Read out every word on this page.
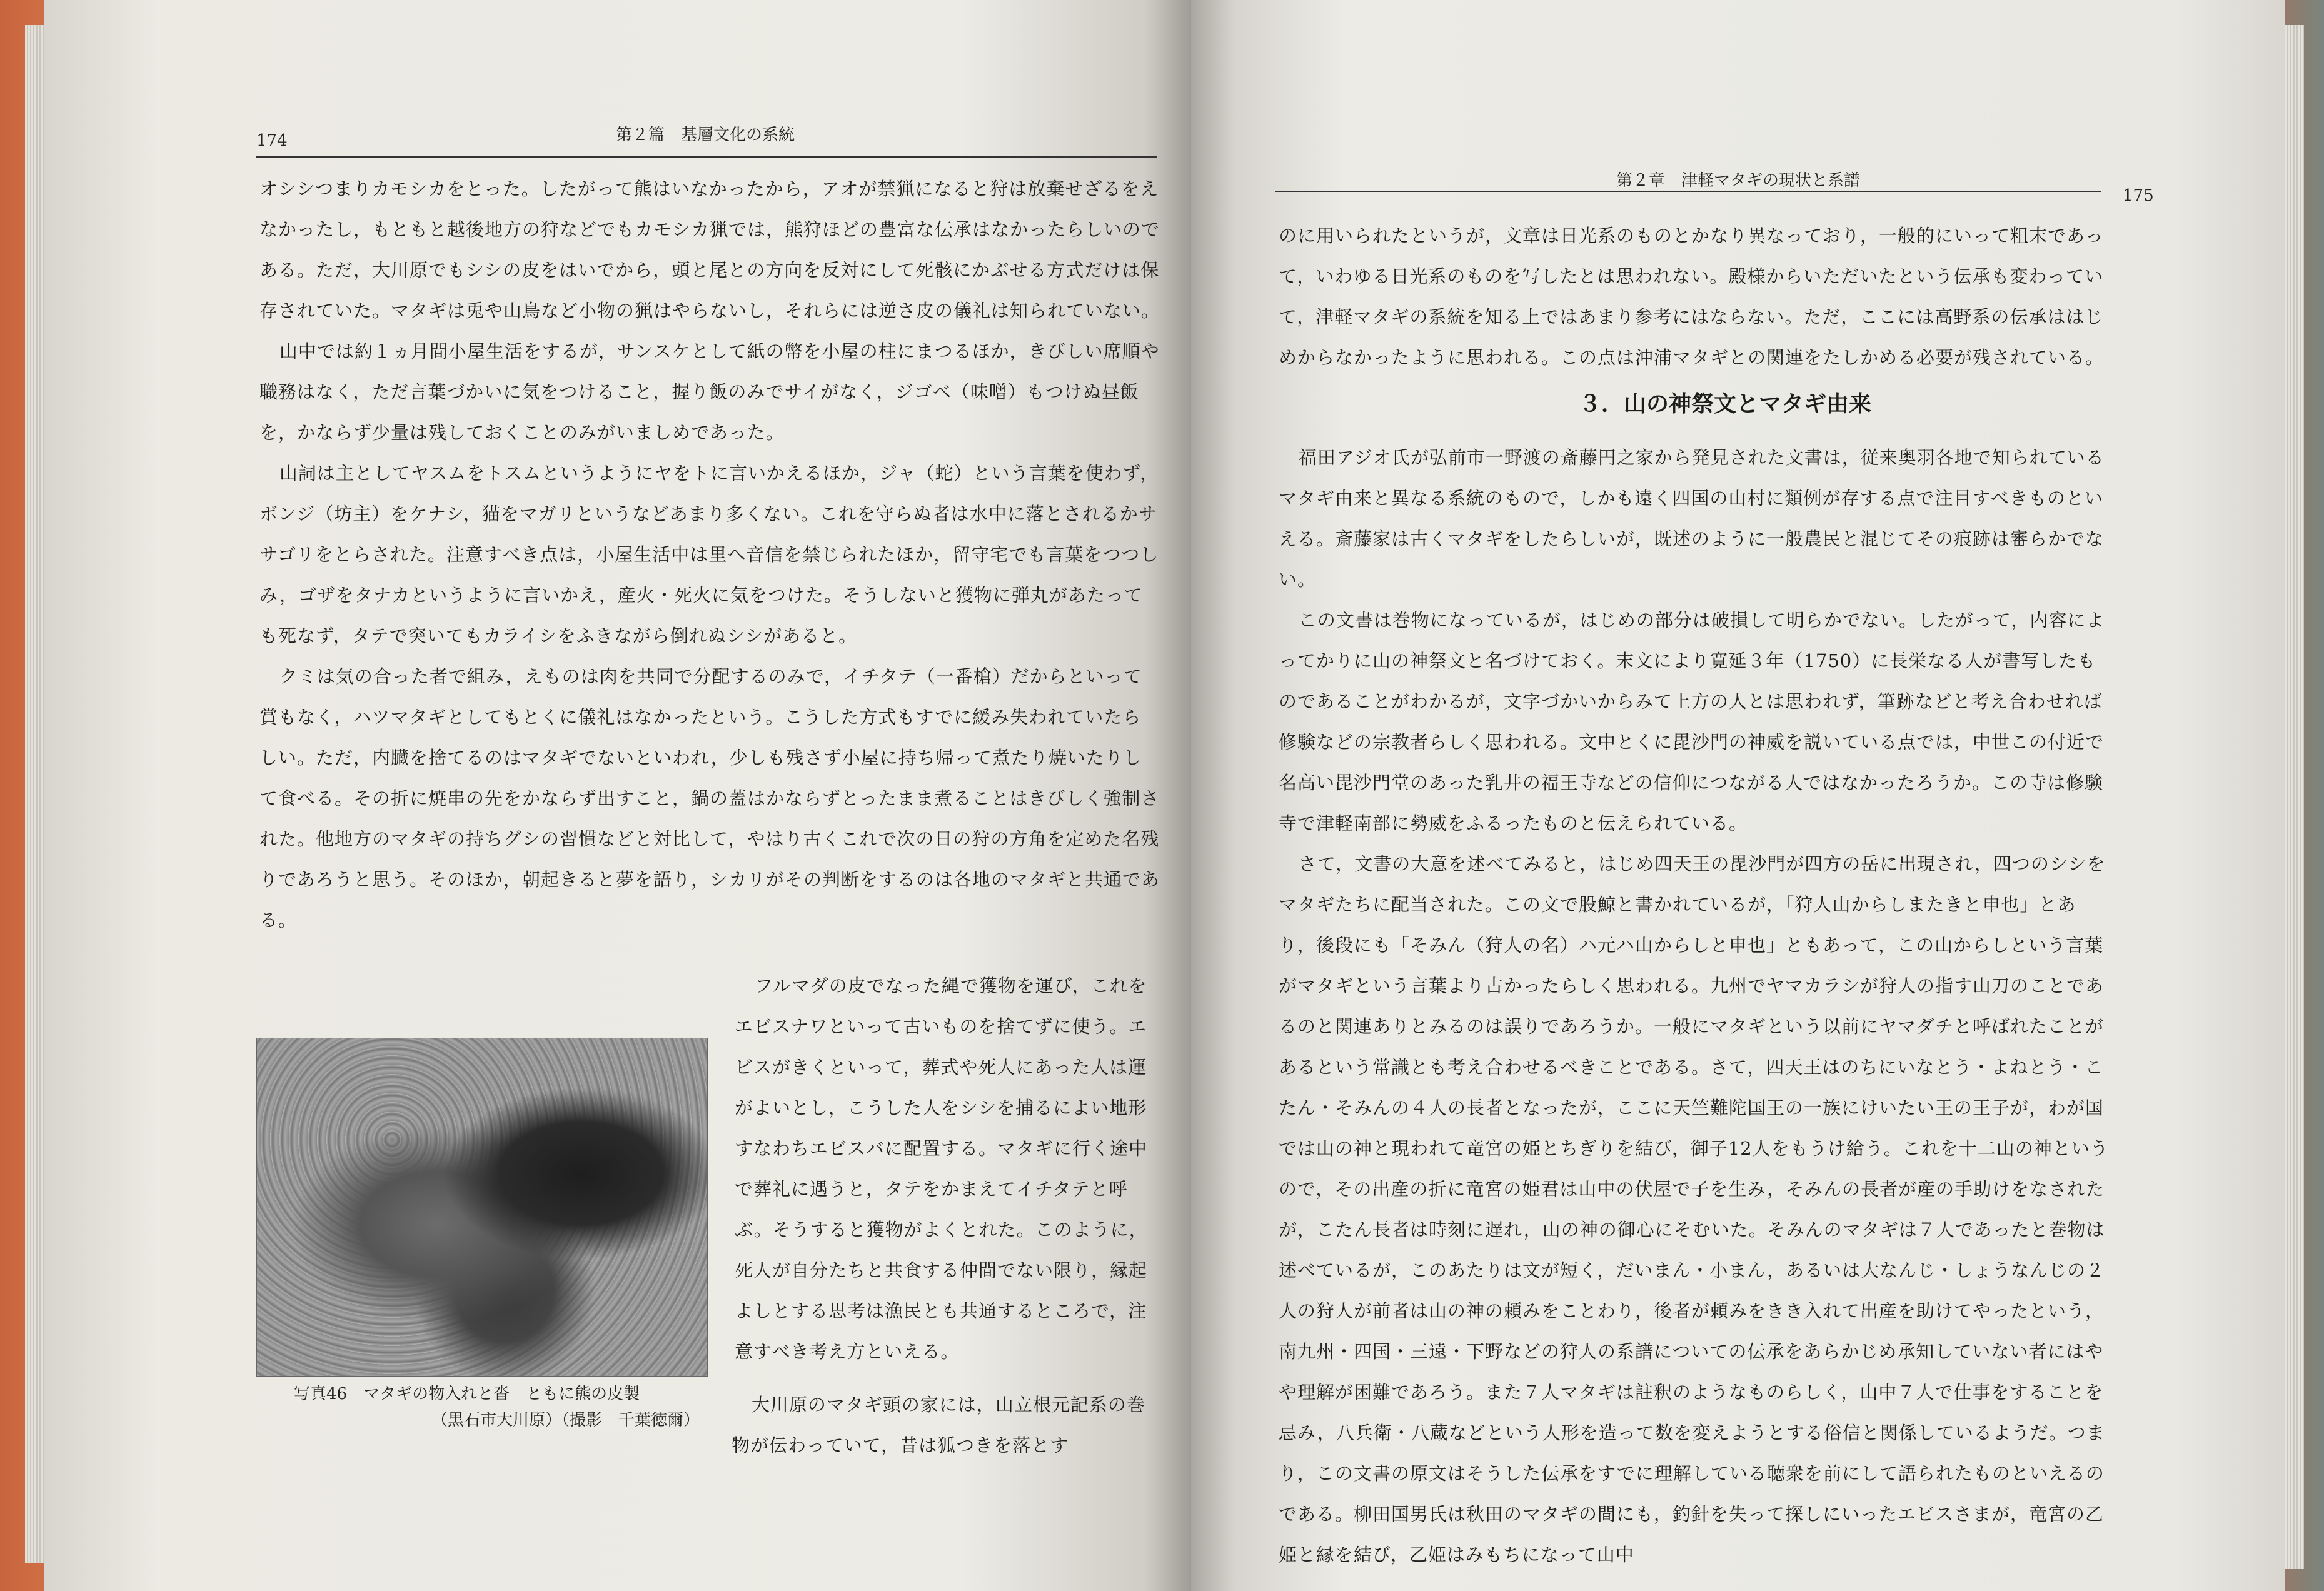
174	第２篇　基層文化の系統

オシシつまりカモシカをとった。したがって熊はいなかったから，アオが禁猟になると狩は放棄せざるをえなかったし，もともと越後地方の狩などでもカモシカ猟では，熊狩ほどの豊富な伝承はなかったらしいのである。ただ，大川原でもシシの皮をはいでから，頭と尾との方向を反対にして死骸にかぶせる方式だけは保存されていた。マタギは兎や山鳥など小物の猟はやらないし，それらには逆さ皮の儀礼は知られていない。

山中では約１ヵ月間小屋生活をするが，サンスケとして紙の幣を小屋の柱にまつるほか，きびしい席順や職務はなく，ただ言葉づかいに気をつけること，握り飯のみでサイがなく，ジゴベ（味噌）もつけぬ昼飯を，かならず少量は残しておくことのみがいましめであった。

山詞は主としてヤスムをトスムというようにヤをトに言いかえるほか，ジャ（蛇）という言葉を使わず，ボンジ（坊主）をケナシ，猫をマガリというなどあまり多くない。これを守らぬ者は水中に落とされるかササゴリをとらされた。注意すべき点は，小屋生活中は里へ音信を禁じられたほか，留守宅でも言葉をつつしみ，ゴザをタナカというように言いかえ，産火・死火に気をつけた。そうしないと獲物に弾丸があたっても死なず，タテで突いてもカライシをふきながら倒れぬシシがあると。

クミは気の合った者で組み，えものは肉を共同で分配するのみで，イチタテ（一番槍）だからといって賞もなく，ハツマタギとしてもとくに儀礼はなかったという。こうした方式もすでに緩み失われていたらしい。ただ，内臓を捨てるのはマタギでないといわれ，少しも残さず小屋に持ち帰って煮たり焼いたりして食べる。その折に焼串の先をかならず出すこと，鍋の蓋はかならずとったまま煮ることはきびしく強制された。他地方のマタギの持ちグシの習慣などと対比して，やはり古くこれで次の日の狩の方角を定めた名残りであろうと思う。そのほか，朝起きると夢を語り，シカリがその判断をするのは各地のマタギと共通である。

フルマダの皮でなった縄で獲物を運び，これをエビスナワといって古いものを捨てずに使う。エビスがきくといって，葬式や死人にあった人は運がよいとし，こうした人をシシを捕るによい地形すなわちエビスバに配置する。マタギに行く途中で葬礼に遇うと，タテをかまえてイチタテと呼ぶ。そうすると獲物がよくとれた。このように，死人が自分たちと共食する仲間でない限り，縁起よしとする思考は漁民とも共通するところで，注意すべき考え方といえる。

写真46　マタギの物入れと沓　ともに熊の皮製
（黒石市大川原）（撮影　千葉徳爾）

大川原のマタギ頭の家には，山立根元記系の巻物が伝わっていて，昔は狐つきを落とす

第２章　津軽マタギの現状と系譜
175

のに用いられたというが，文章は日光系のものとかなり異なっており，一般的にいって粗末であって，いわゆる日光系のものを写したとは思われない。殿様からいただいたという伝承も変わっていて，津軽マタギの系統を知る上ではあまり参考にはならない。ただ，ここには高野系の伝承ははじめからなかったように思われる。この点は沖浦マタギとの関連をたしかめる必要が残されている。

３．山の神祭文とマタギ由来

福田アジオ氏が弘前市一野渡の斎藤円之家から発見された文書は，従来奥羽各地で知られているマタギ由来と異なる系統のもので，しかも遠く四国の山村に類例が存する点で注目すべきものといえる。斎藤家は古くマタギをしたらしいが，既述のように一般農民と混じてその痕跡は審らかでない。

この文書は巻物になっているが，はじめの部分は破損して明らかでない。したがって，内容によってかりに山の神祭文と名づけておく。末文により寛延３年（1750）に長栄なる人が書写したものであることがわかるが，文字づかいからみて上方の人とは思われず，筆跡などと考え合わせれば修験などの宗教者らしく思われる。文中とくに毘沙門の神威を説いている点では，中世この付近で名高い毘沙門堂のあった乳井の福王寺などの信仰につながる人ではなかったろうか。この寺は修験寺で津軽南部に勢威をふるったものと伝えられている。

さて，文書の大意を述べてみると，はじめ四天王の毘沙門が四方の岳に出現され，四つのシシをマタギたちに配当された。この文で股鯨と書かれているが，「狩人山からしまたきと申也」とあり，後段にも「そみん（狩人の名）ハ元ハ山からしと申也」ともあって，この山からしという言葉がマタギという言葉より古かったらしく思われる。九州でヤマカラシが狩人の指す山刀のことであるのと関連ありとみるのは誤りであろうか。一般にマタギという以前にヤマダチと呼ばれたことがあるという常識とも考え合わせるべきことである。さて，四天王はのちにいなとう・よねとう・こたん・そみんの４人の長者となったが，ここに天竺難陀国王の一族にけいたい王の王子が，わが国では山の神と現われて竜宮の姫とちぎりを結び，御子12人をもうけ給う。これを十二山の神というので，その出産の折に竜宮の姫君は山中の伏屋で子を生み，そみんの長者が産の手助けをなされたが，こたん長者は時刻に遅れ，山の神の御心にそむいた。そみんのマタギは７人であったと巻物は述べているが，このあたりは文が短く，だいまん・小まん，あるいは大なんじ・しょうなんじの２人の狩人が前者は山の神の頼みをことわり，後者が頼みをきき入れて出産を助けてやったという，南九州・四国・三遠・下野などの狩人の系譜についての伝承をあらかじめ承知していない者にはやや理解が困難であろう。また７人マタギは註釈のようなものらしく，山中７人で仕事をすることを忌み，八兵衛・八蔵などという人形を造って数を変えようとする俗信と関係しているようだ。つまり，この文書の原文はそうした伝承をすでに理解している聴衆を前にして語られたものといえるのである。柳田国男氏は秋田のマタギの間にも，釣針を失って探しにいったエビスさまが，竜宮の乙姫と縁を結び，乙姫はみもちになって山中
